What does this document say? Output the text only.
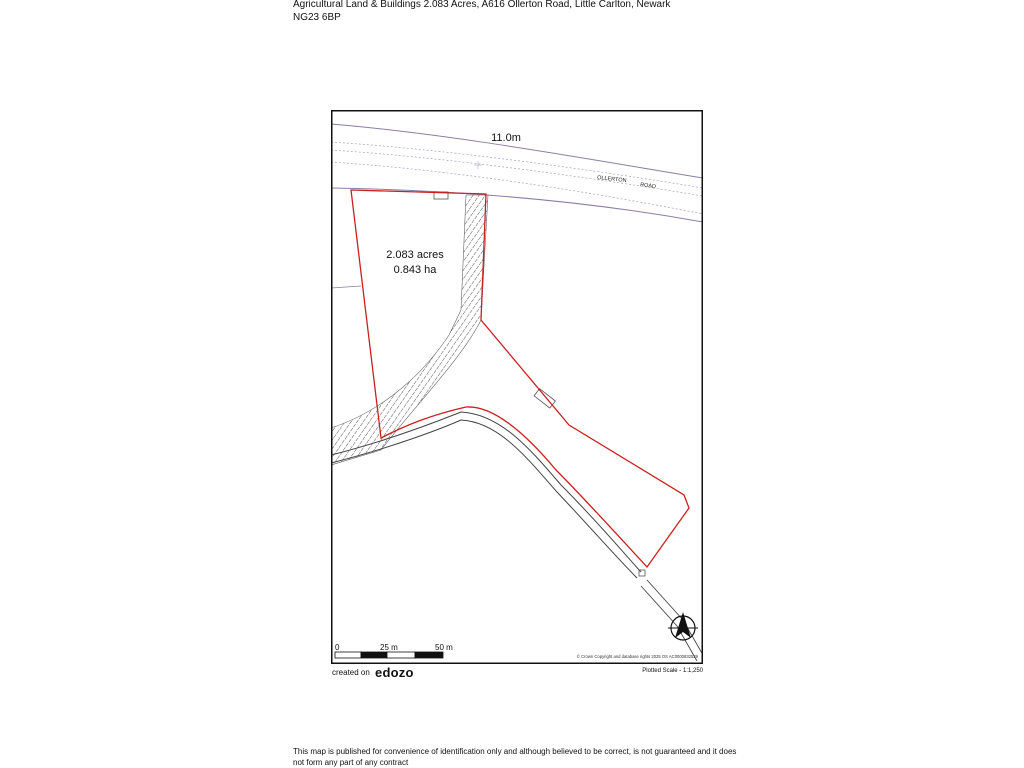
Agricultural Land & Buildings 2.083 Acres, A616 Ollerton Road, Little Carlton, Newark
NG23 6BP
11.0m
OLLERTON
ROAD
2.083 acres
0.843 ha
0	25 m	50 m
© Crown Copyright and database rights 2025 OS AC0000832529
created on edozo	Plotted Scale - 1:1,250
This map is published for convenience of identification only and although believed to be correct, is not guaranteed and it does
not form any part of any contract
